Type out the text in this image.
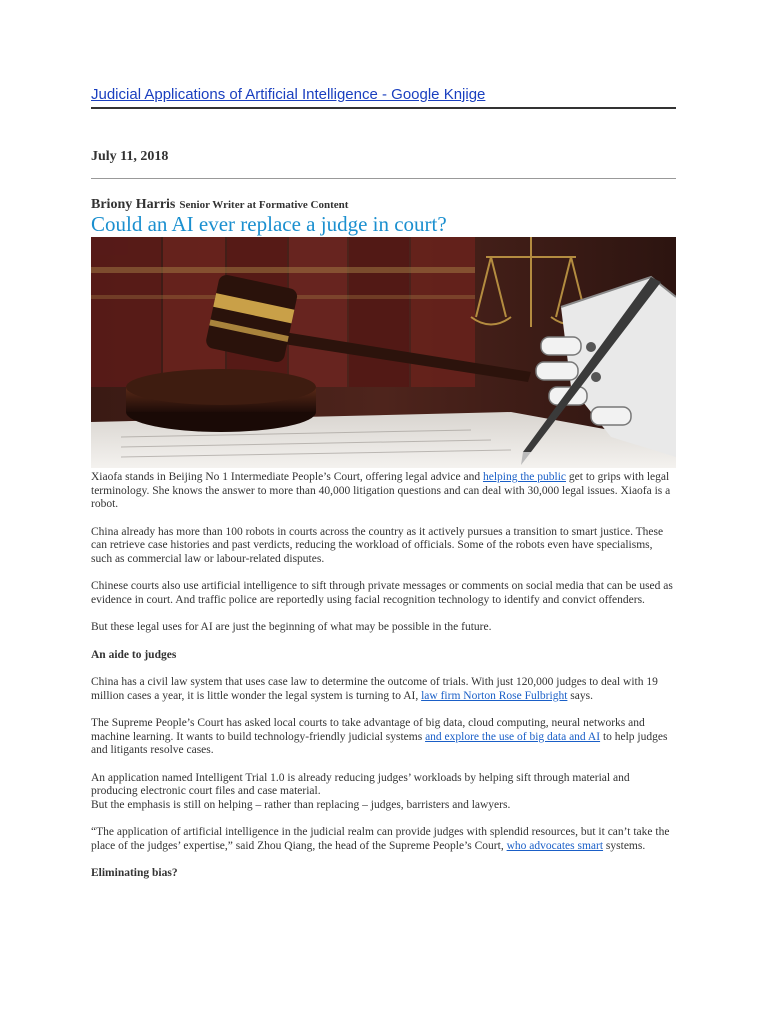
Judicial Applications of Artificial Intelligence - Google Knjige
July 11, 2018
Briony Harris Senior Writer at Formative Content
Could an AI ever replace a judge in court?

Xiaofa stands in Beijing No 1 Intermediate People’s Court, offering legal advice and helping the public get to grips with legal terminology. She knows the answer to more than 40,000 litigation questions and can deal with 30,000 legal issues. Xiaofa is a robot.

China already has more than 100 robots in courts across the country as it actively pursues a transition to smart justice. These can retrieve case histories and past verdicts, reducing the workload of officials. Some of the robots even have specialisms, such as commercial law or labour-related disputes.

Chinese courts also use artificial intelligence to sift through private messages or comments on social media that can be used as evidence in court. And traffic police are reportedly using facial recognition technology to identify and convict offenders.

But these legal uses for AI are just the beginning of what may be possible in the future.

An aide to judges

China has a civil law system that uses case law to determine the outcome of trials. With just 120,000 judges to deal with 19 million cases a year, it is little wonder the legal system is turning to AI, law firm Norton Rose Fulbright says.

The Supreme People’s Court has asked local courts to take advantage of big data, cloud computing, neural networks and machine learning. It wants to build technology-friendly judicial systems and explore the use of big data and AI to help judges and litigants resolve cases.

An application named Intelligent Trial 1.0 is already reducing judges’ workloads by helping sift through material and producing electronic court files and case material.

But the emphasis is still on helping – rather than replacing – judges, barristers and lawyers.

“The application of artificial intelligence in the judicial realm can provide judges with splendid resources, but it can’t take the place of the judges’ expertise,” said Zhou Qiang, the head of the Supreme People’s Court, who advocates smart systems.

Eliminating bias?
